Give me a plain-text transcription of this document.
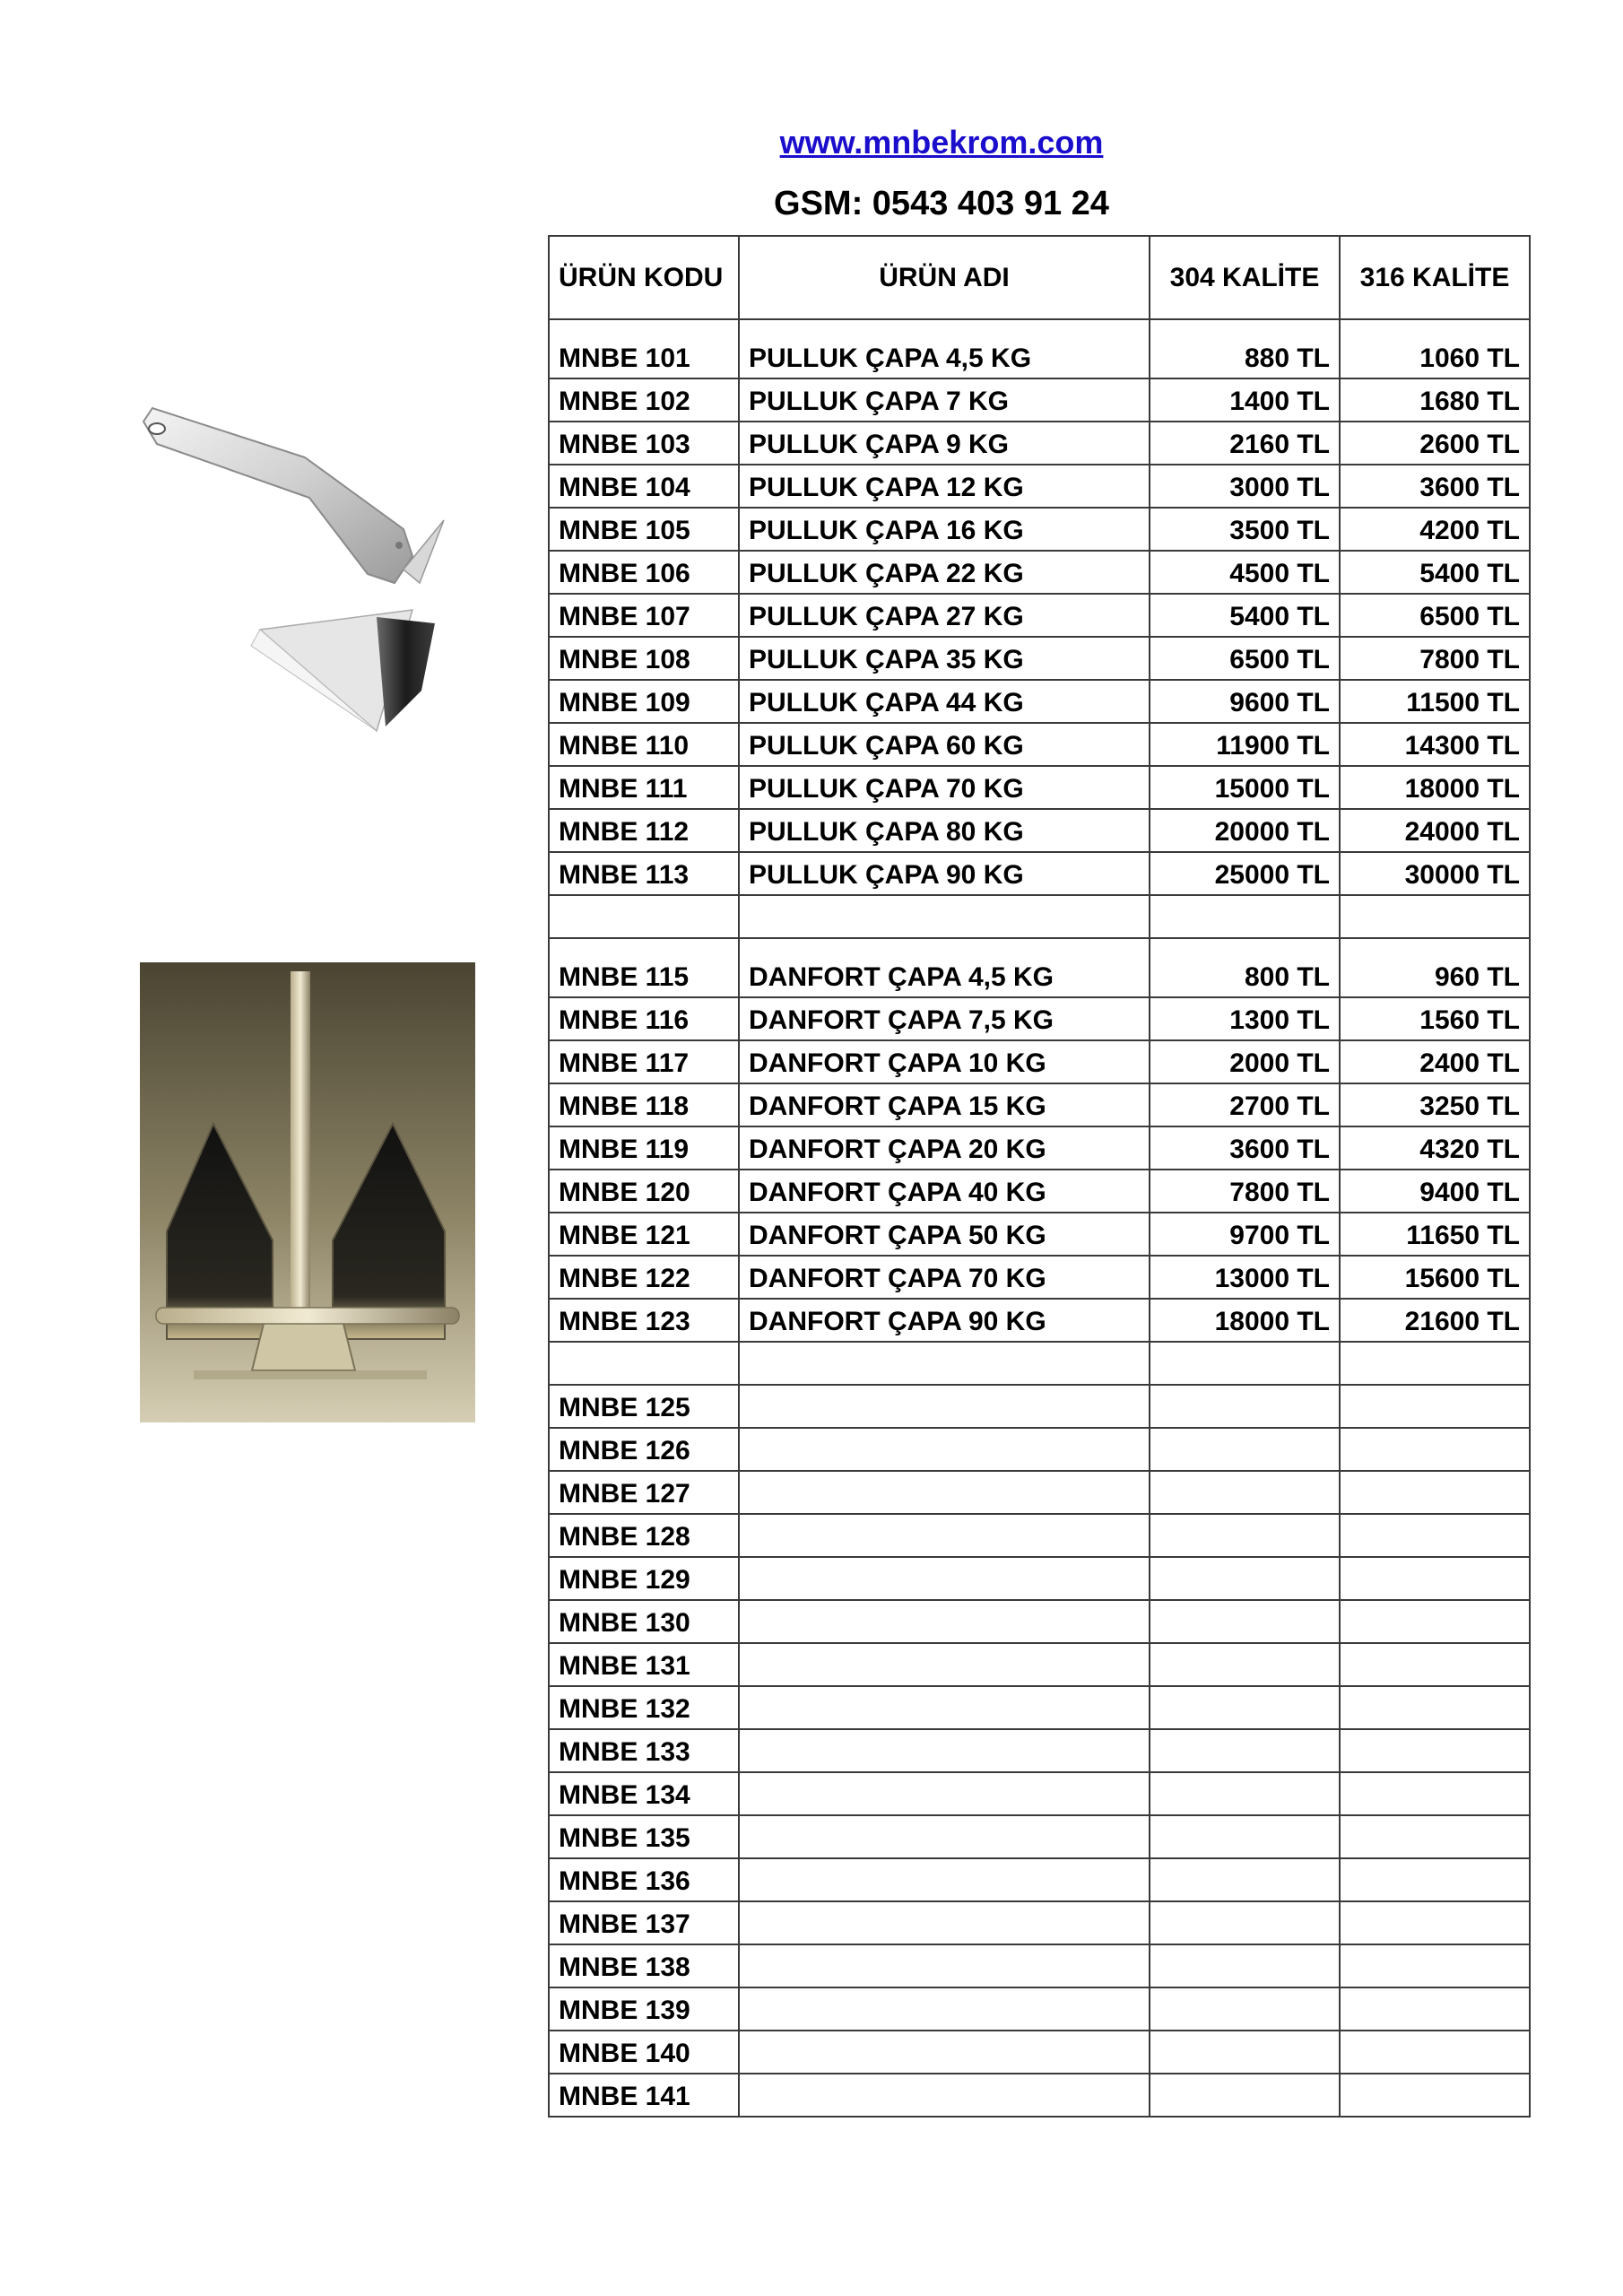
www.mnbekrom.com
GSM: 0543 403 91 24
ÜRÜN KODU	ÜRÜN ADI	304 KALİTE	316 KALİTE
MNBE 101	PULLUK ÇAPA 4,5 KG	880 TL	1060 TL
MNBE 102	PULLUK ÇAPA 7 KG	1400 TL	1680 TL
MNBE 103	PULLUK ÇAPA 9 KG	2160 TL	2600 TL
MNBE 104	PULLUK ÇAPA 12 KG	3000 TL	3600 TL
MNBE 105	PULLUK ÇAPA 16 KG	3500 TL	4200 TL
MNBE 106	PULLUK ÇAPA 22 KG	4500 TL	5400 TL
MNBE 107	PULLUK ÇAPA 27 KG	5400 TL	6500 TL
MNBE 108	PULLUK ÇAPA 35 KG	6500 TL	7800 TL
MNBE 109	PULLUK ÇAPA 44 KG	9600 TL	11500 TL
MNBE 110	PULLUK ÇAPA 60 KG	11900 TL	14300 TL
MNBE 111	PULLUK ÇAPA 70 KG	15000 TL	18000 TL
MNBE 112	PULLUK ÇAPA 80 KG	20000 TL	24000 TL
MNBE 113	PULLUK ÇAPA 90 KG	25000 TL	30000 TL

MNBE 115	DANFORT ÇAPA 4,5 KG	800 TL	960 TL
MNBE 116	DANFORT ÇAPA 7,5 KG	1300 TL	1560 TL
MNBE 117	DANFORT ÇAPA 10 KG	2000 TL	2400 TL
MNBE 118	DANFORT ÇAPA 15 KG	2700 TL	3250 TL
MNBE 119	DANFORT ÇAPA 20 KG	3600 TL	4320 TL
MNBE 120	DANFORT ÇAPA 40 KG	7800 TL	9400 TL
MNBE 121	DANFORT ÇAPA 50 KG	9700 TL	11650 TL
MNBE 122	DANFORT ÇAPA 70 KG	13000 TL	15600 TL
MNBE 123	DANFORT ÇAPA 90 KG	18000 TL	21600 TL

MNBE 125			
MNBE 126			
MNBE 127			
MNBE 128			
MNBE 129			
MNBE 130			
MNBE 131			
MNBE 132			
MNBE 133			
MNBE 134			
MNBE 135			
MNBE 136			
MNBE 137			
MNBE 138			
MNBE 139			
MNBE 140			
MNBE 141			
